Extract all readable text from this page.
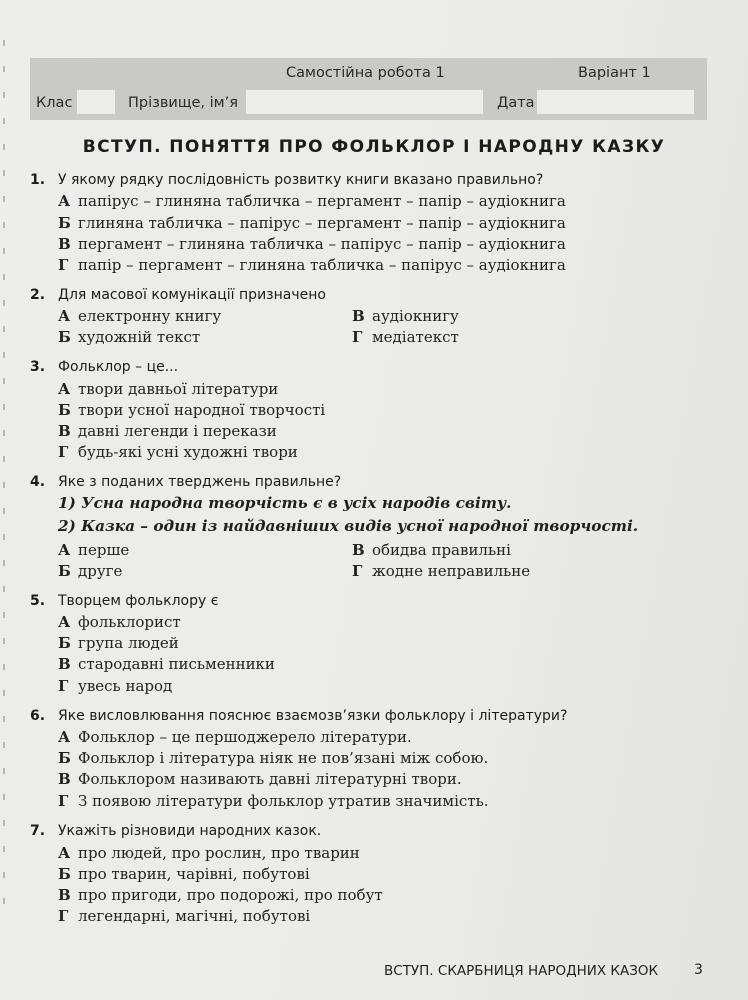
Самостійна робота 1	Варіант 1
Клас	Прізвище, ім’я	Дата
ВСТУП. ПОНЯТТЯ ПРО ФОЛЬКЛОР І НАРОДНУ КАЗКУ
1. У якому рядку послідовність розвитку книги вказано правильно?
А папірус – глиняна табличка – пергамент – папір – аудіокнига
Б глиняна табличка – папірус – пергамент – папір – аудіокнига
В пергамент – глиняна табличка – папірус – папір – аудіокнига
Г папір – пергамент – глиняна табличка – папірус – аудіокнига
2. Для масової комунікації призначено
А електронну книгу
Б художній текст
В аудіокнигу
Г медіатекст
3. Фольклор – це...
А твори давньої літератури
Б твори усної народної творчості
В давні легенди і перекази
Г будь-які усні художні твори
4. Яке з поданих тверджень правильне?
1) Усна народна творчість є в усіх народів світу.
2) Казка – один із найдавніших видів усної народної творчості.
А перше
Б друге
В обидва правильні
Г жодне неправильне
5. Творцем фольклору є
А фольклорист
Б група людей
В стародавні письменники
Г увесь народ
6. Яке висловлювання пояснює взаємозв’язки фольклору і літератури?
А Фольклор – це першоджерело літератури.
Б Фольклор і література ніяк не пов’язані між собою.
В Фольклором називають давні літературні твори.
Г З появою літератури фольклор утратив значимість.
7. Укажіть різновиди народних казок.
А про людей, про рослин, про тварин
Б про тварин, чарівні, побутові
В про пригоди, про подорожі, про побут
Г легендарні, магічні, побутові
ВСТУП. СКАРБНИЦЯ НАРОДНИХ КАЗОК	3
